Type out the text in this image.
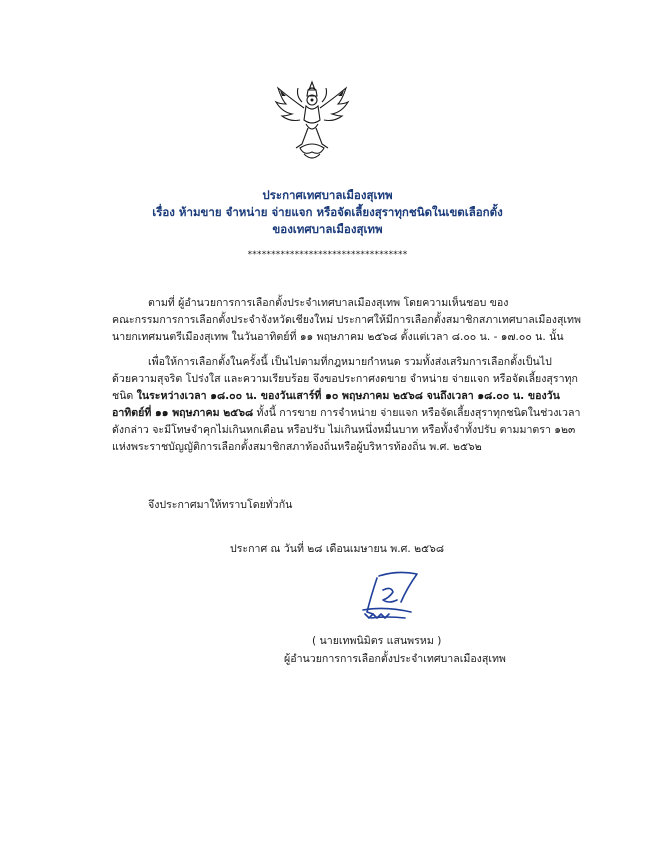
ประกาศเทศบาลเมืองสุเทพ
เรื่อง ห้ามขาย จำหน่าย จ่ายแจก หรือจัดเลี้ยงสุราทุกชนิดในเขตเลือกตั้ง
ของเทศบาลเมืองสุเทพ
**********************************
ตามที่ ผู้อำนวยการการเลือกตั้งประจำเทศบาลเมืองสุเทพ โดยความเห็นชอบ ของ
คณะกรรมการการเลือกตั้งประจำจังหวัดเชียงใหม่ ประกาศให้มีการเลือกตั้งสมาชิกสภาเทศบาลเมืองสุเทพ
นายกเทศมนตรีเมืองสุเทพ ในวันอาทิตย์ที่ ๑๑ พฤษภาคม ๒๕๖๘ ตั้งแต่เวลา ๘.๐๐ น. - ๑๗.๐๐ น. นั้น
เพื่อให้การเลือกตั้งในครั้งนี้ เป็นไปตามที่กฎหมายกำหนด รวมทั้งส่งเสริมการเลือกตั้งเป็นไป
ด้วยความสุจริต โปร่งใส และความเรียบร้อย จึงขอประกาศงดขาย จำหน่าย จ่ายแจก หรือจัดเลี้ยงสุราทุก
ชนิด ในระหว่างเวลา ๑๘.๐๐ น. ของวันเสาร์ที่ ๑๐ พฤษภาคม ๒๕๖๘ จนถึงเวลา ๑๘.๐๐ น. ของวัน
อาทิตย์ที่ ๑๑ พฤษภาคม ๒๕๖๘ ทั้งนี้ การขาย การจำหน่าย จ่ายแจก หรือจัดเลี้ยงสุราทุกชนิดในช่วงเวลา
ดังกล่าว จะมีโทษจำคุกไม่เกินหกเดือน หรือปรับ ไม่เกินหนึ่งหมื่นบาท หรือทั้งจำทั้งปรับ ตามมาตรา ๑๒๓
แห่งพระราชบัญญัติการเลือกตั้งสมาชิกสภาท้องถิ่นหรือผู้บริหารท้องถิ่น พ.ศ. ๒๕๖๒
จึงประกาศมาให้ทราบโดยทั่วกัน
ประกาศ ณ วันที่ ๒๘ เดือนเมษายน พ.ศ. ๒๕๖๘
( นายเทพนิมิตร แสนพรหม )
ผู้อำนวยการการเลือกตั้งประจำเทศบาลเมืองสุเทพ
